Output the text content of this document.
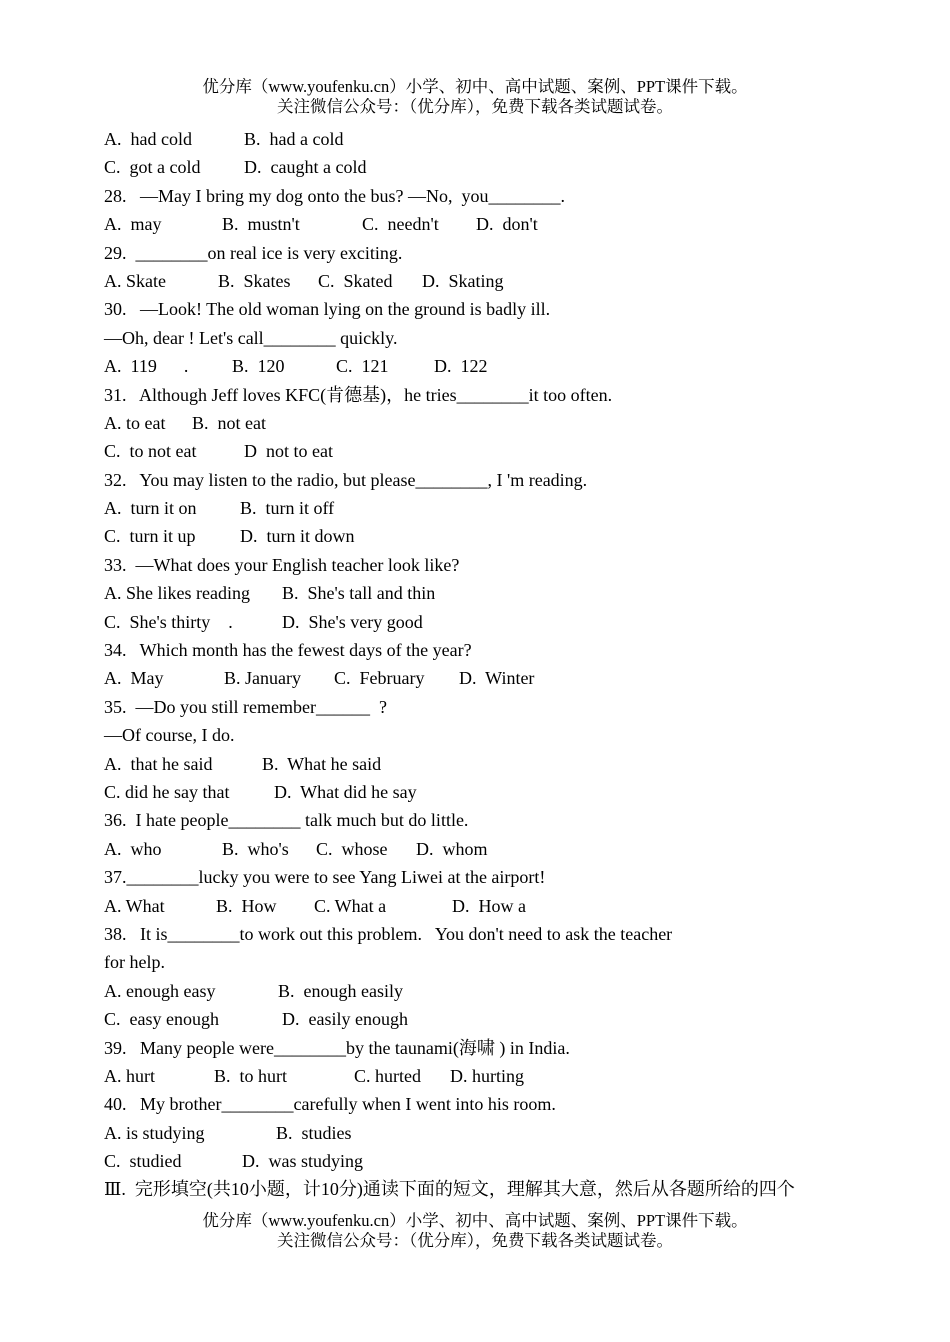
优分库（www.youfenku.cn）小学、初中、高中试题、案例、PPT课件下载。
关注微信公众号：（优分库），免费下载各类试题试卷。
A.  had cold	B.  had a cold
C.  got a cold D.  caught a cold
28.   —May I bring my dog onto the bus? —No,  you________.
A.  may	B.  mustn't	C.  needn't D.  don't
29.  ________on real ice is very exciting.
A. Skate	B.  Skates C.  Skated D.  Skating
30.   —Look! The old woman lying on the ground is badly ill.
—Oh, dear ! Let's call________ quickly.
A.  119      . B.  120	C.  121	D.  122
31.   Although Jeff loves KFC(肯德基)，he tries________it too often.
A. to eat B.  not eat
C.  to not eat	D  not to eat
32.   You may listen to the radio, but please________, I 'm reading.
A.  turn it on B.  turn it off
C.  turn it up D.  turn it down
33.  —What does your English teacher look like?
A. She likes reading B.  She's tall and thin
C.  She's thirty    .	D.  She's very good
34.   Which month has the fewest days of the year?
A.  May	B. January C.  February D.  Winter
35.  —Do you still remember______  ?
—Of course, I do.
A.  that he said	B.  What he said
C. did he say that D.  What did he say
36.  I hate people________ talk much but do little.
A.  who	B.  who's C.  whose D.  whom
37.________lucky you were to see Yang Liwei at the airport!
A. What	B.  How C. What a	D.  How a
38.   It is________to work out this problem.   You don't need to ask the teacher
for help.
A. enough easy	B.  enough easily
C.  easy enough	D.  easily enough
39.   Many people were________by the taunami(海啸 ) in India.
A. hurt	B.  to hurt	C. hurted D. hurting
40.   My brother________carefully when I went into his room.
A. is studying	B.  studies
C.  studied	D.  was studying
Ⅲ.  完形填空(共10小题，计10分)通读下面的短文，理解其大意，然后从各题所给的四个
优分库（www.youfenku.cn）小学、初中、高中试题、案例、PPT课件下载。
关注微信公众号：（优分库），免费下载各类试题试卷。
